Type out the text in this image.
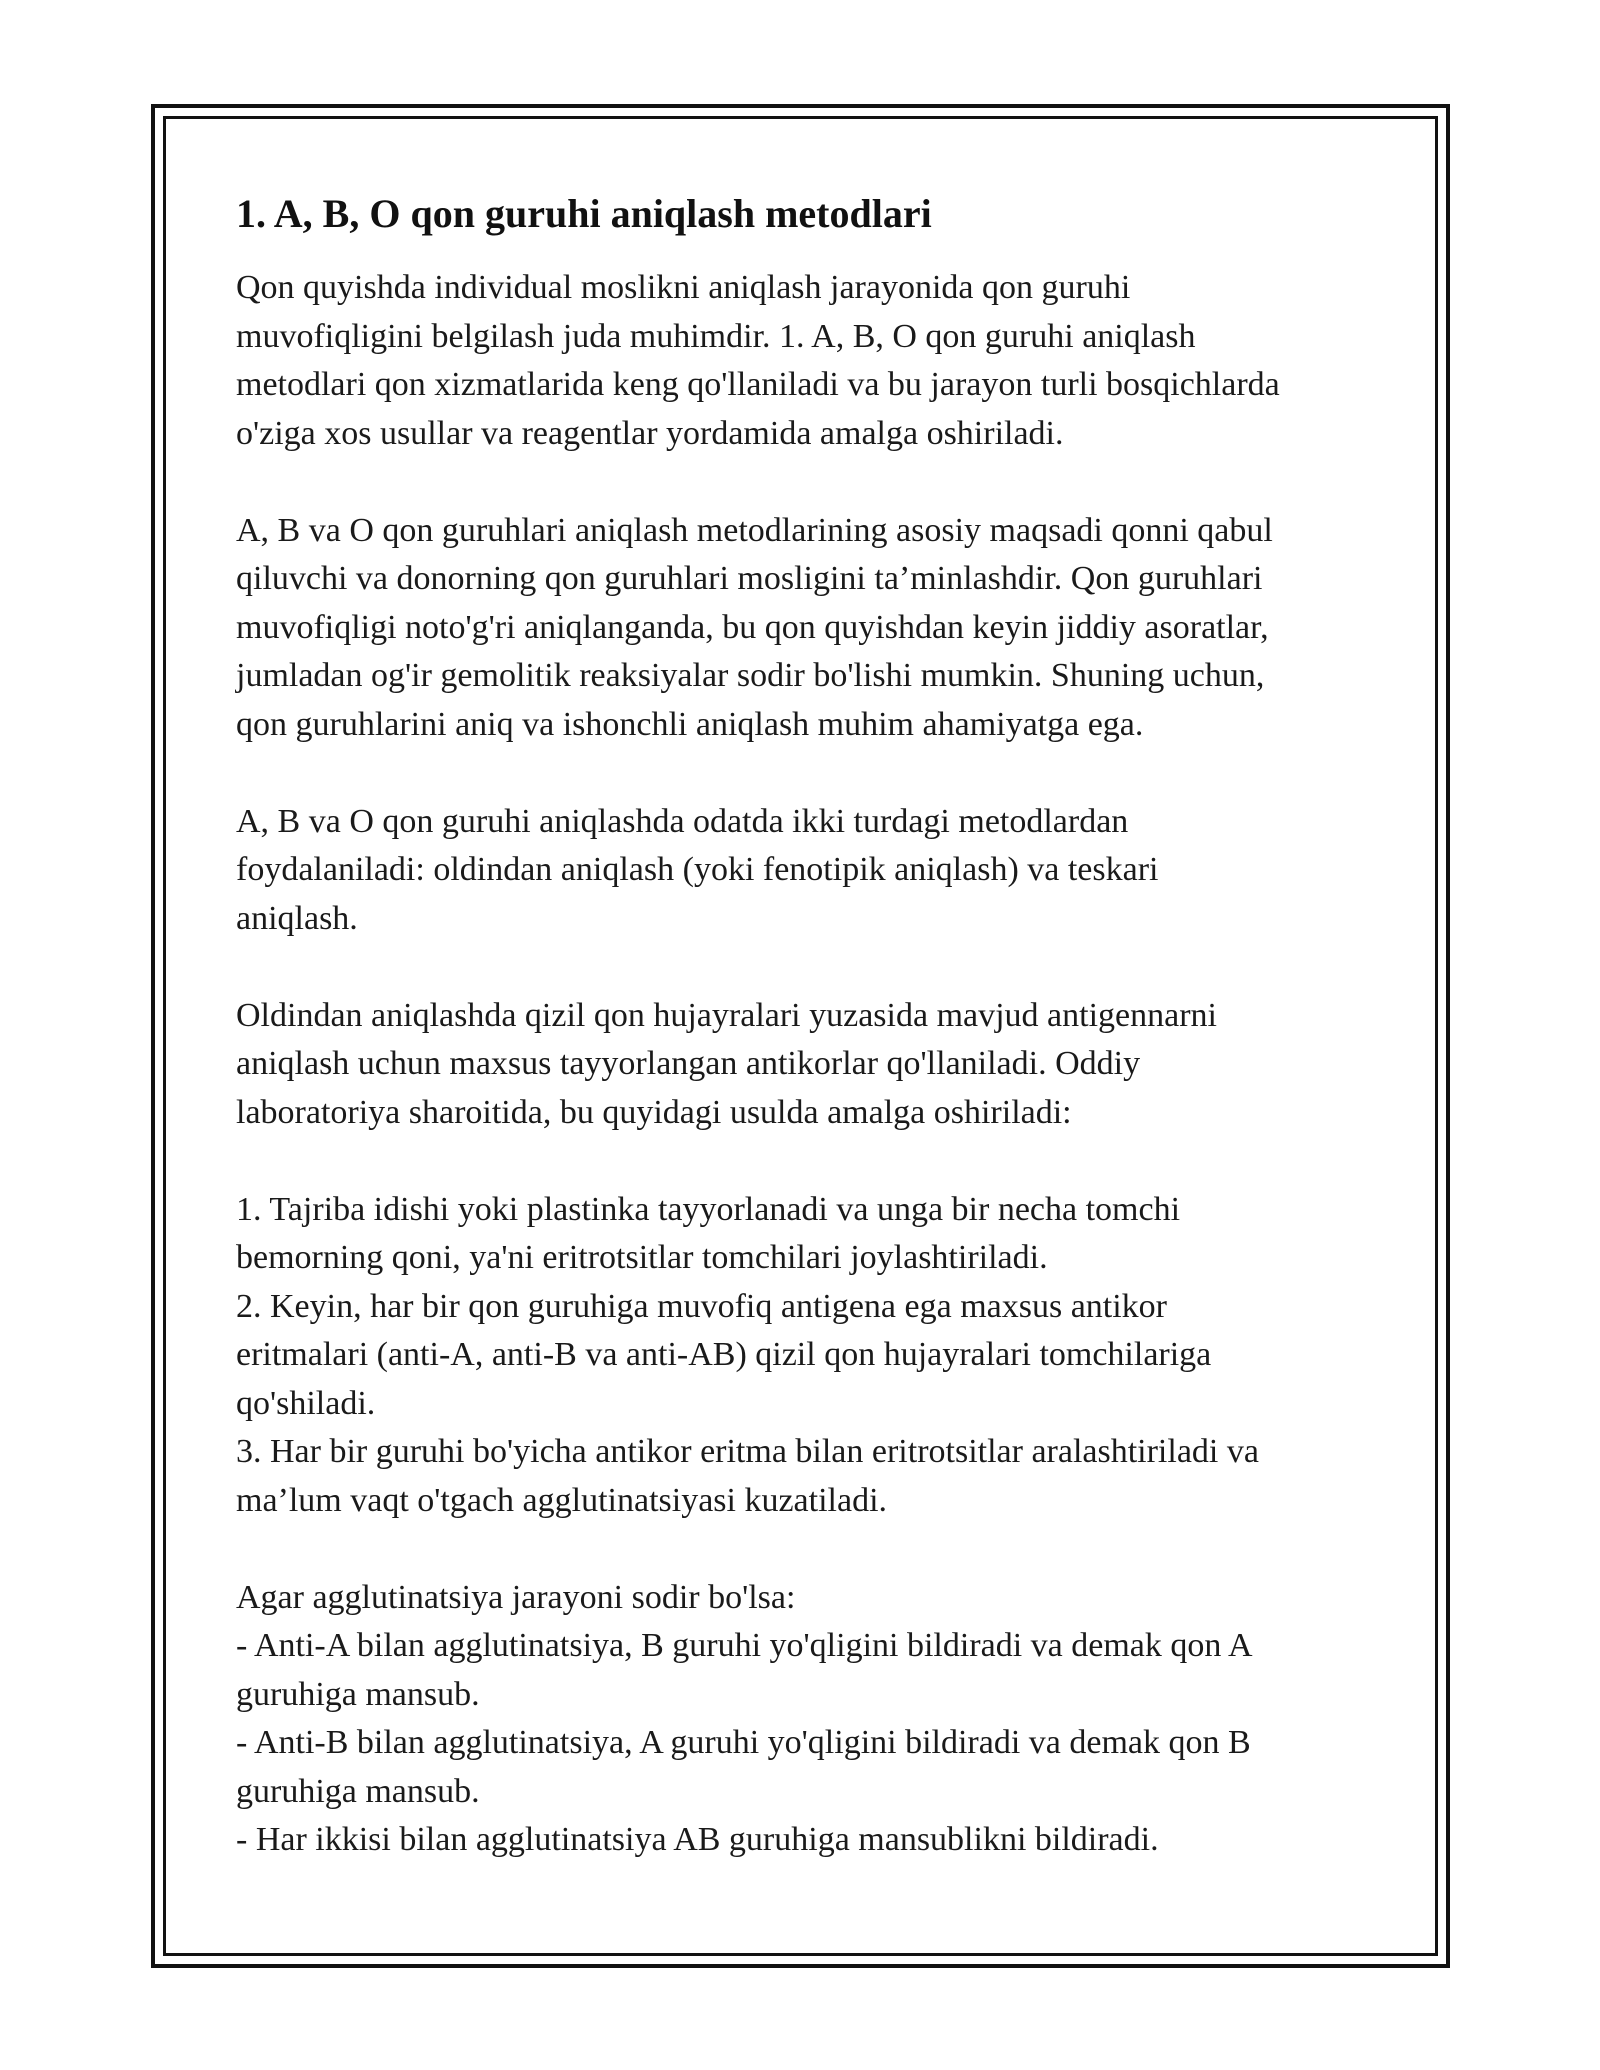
1. A, B, O qon guruhi aniqlash metodlari

Qon quyishda individual moslikni aniqlash jarayonida qon guruhi

muvofiqligini belgilash juda muhimdir. 1. A, B, O qon guruhi aniqlash

metodlari qon xizmatlarida keng qo'llaniladi va bu jarayon turli bosqichlarda

o'ziga xos usullar va reagentlar yordamida amalga oshiriladi.

A, B va O qon guruhlari aniqlash metodlarining asosiy maqsadi qonni qabul

qiluvchi va donorning qon guruhlari mosligini ta’minlashdir. Qon guruhlari

muvofiqligi noto'g'ri aniqlanganda, bu qon quyishdan keyin jiddiy asoratlar,

jumladan og'ir gemolitik reaksiyalar sodir bo'lishi mumkin. Shuning uchun,

qon guruhlarini aniq va ishonchli aniqlash muhim ahamiyatga ega.

A, B va O qon guruhi aniqlashda odatda ikki turdagi metodlardan

foydalaniladi: oldindan aniqlash (yoki fenotipik aniqlash) va teskari

aniqlash.

Oldindan aniqlashda qizil qon hujayralari yuzasida mavjud antigennarni

aniqlash uchun maxsus tayyorlangan antikorlar qo'llaniladi. Oddiy

laboratoriya sharoitida, bu quyidagi usulda amalga oshiriladi:

1. Tajriba idishi yoki plastinka tayyorlanadi va unga bir necha tomchi

bemorning qoni, ya'ni eritrotsitlar tomchilari joylashtiriladi.

2. Keyin, har bir qon guruhiga muvofiq antigena ega maxsus antikor

eritmalari (anti-A, anti-B va anti-AB) qizil qon hujayralari tomchilariga

qo'shiladi.

3. Har bir guruhi bo'yicha antikor eritma bilan eritrotsitlar aralashtiriladi va

ma’lum vaqt o'tgach agglutinatsiyasi kuzatiladi.

Agar agglutinatsiya jarayoni sodir bo'lsa:

- Anti-A bilan agglutinatsiya, B guruhi yo'qligini bildiradi va demak qon A

guruhiga mansub.

- Anti-B bilan agglutinatsiya, A guruhi yo'qligini bildiradi va demak qon B

guruhiga mansub.

- Har ikkisi bilan agglutinatsiya AB guruhiga mansublikni bildiradi.
